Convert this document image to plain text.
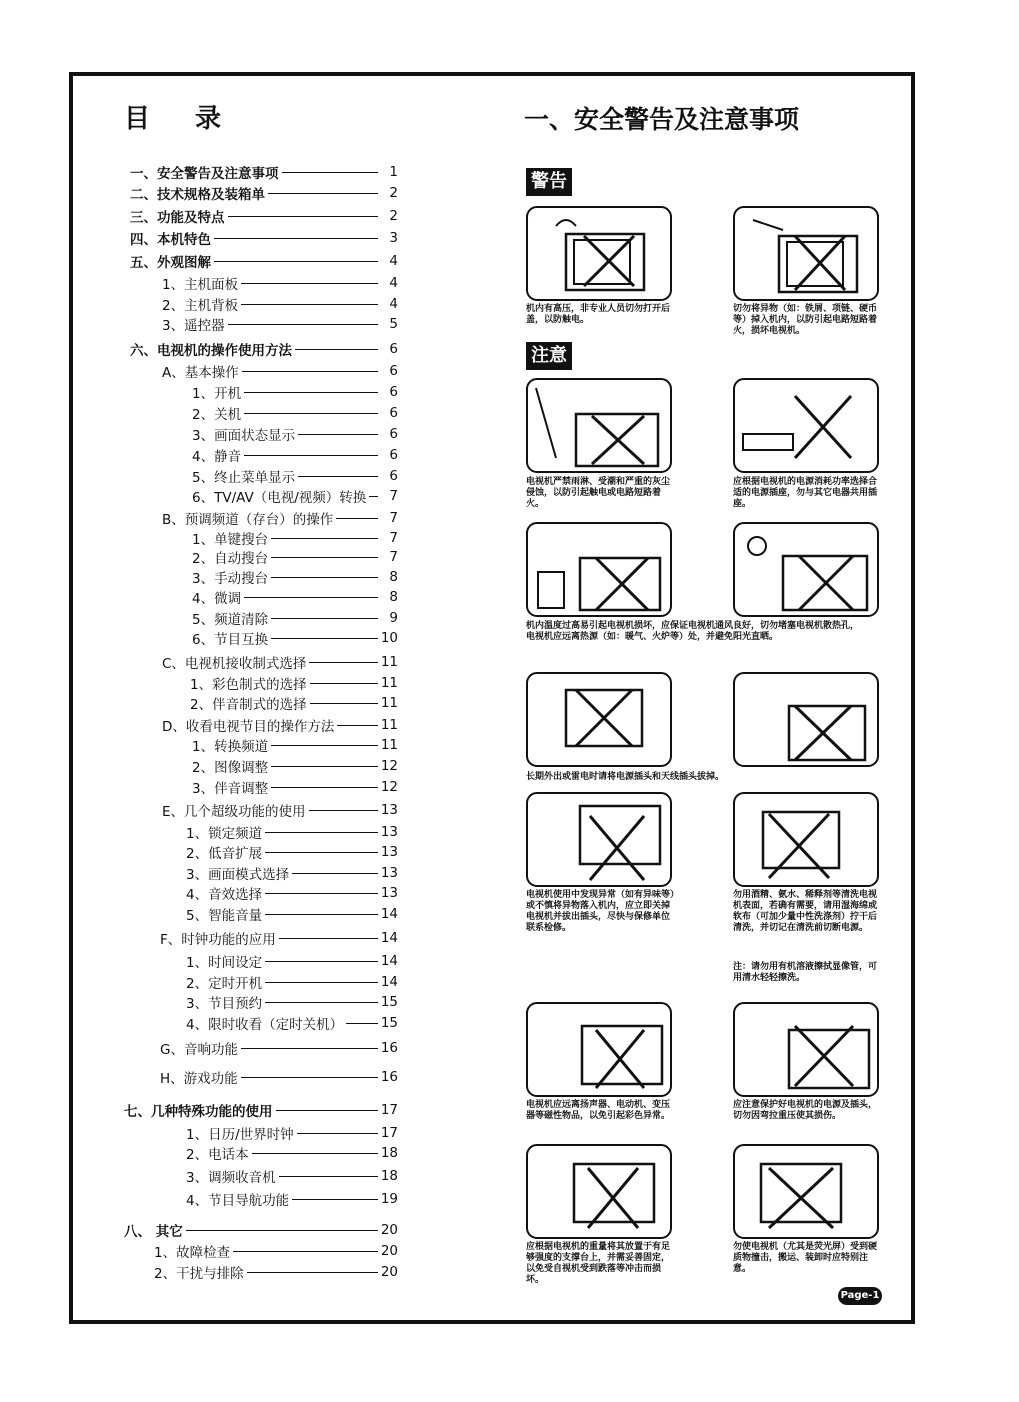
目 录
一、安全警告及注意事项	1
二、技术规格及装箱单	2
三、功能及特点	2
四、本机特色	3
五、外观图解	4
1、主机面板	4
2、主机背板	4
3、遥控器	5
六、电视机的操作使用方法	6
A、基本操作	6
1、开机	6
2、关机	6
3、画面状态显示	6
4、静音	6
5、终止菜单显示	6
6、TV/AV（电视/视频）转换	7
B、预调频道（存台）的操作	7
1、单键搜台	7
2、自动搜台	7
3、手动搜台	8
4、微调	8
5、频道清除	9
6、节目互换	10
C、电视机接收制式选择	11
1、彩色制式的选择	11
2、伴音制式的选择	11
D、收看电视节目的操作方法	11
1、转换频道	11
2、图像调整	12
3、伴音调整	12
E、几个超级功能的使用	13
1、锁定频道	13
2、低音扩展	13
3、画面模式选择	13
4、音效选择	13
5、智能音量	14
F、时钟功能的应用	14
1、时间设定	14
2、定时开机	14
3、节目预约	15
4、限时收看（定时关机）	15
G、音响功能	16
H、游戏功能	16
七、几种特殊功能的使用	17
1、日历/世界时钟	17
2、电话本	18
3、调频收音机	18
4、节目导航功能	19
八、 其它	20
1、故障检查	20
2、干扰与排除	20
一、安全警告及注意事项
警告
注意
机内有高压，非专业人员切勿打开后盖，以防触电。
切勿将异物（如：铁屑、项链、硬币等）掉入机内，以防引起电路短路着火，损坏电视机。
电视机严禁雨淋、受潮和严重的灰尘侵蚀，以防引起触电或电路短路着火。
应根据电视机的电源消耗功率选择合适的电源插座，勿与其它电器共用插座。
机内温度过高易引起电视机损坏，应保证电视机通风良好，切勿堵塞电视机散热孔，电视机应远离热源（如：暖气、火炉等）处，并避免阳光直晒。
长期外出或雷电时请将电源插头和天线插头拔掉。
电视机使用中发现异常（如有异味等）或不慎将异物落入机内，应立即关掉电视机并拔出插头，尽快与保修单位联系检修。
勿用酒精、氨水、稀释剂等清洗电视机表面，若确有需要，请用湿海绵或软布（可加少量中性洗涤剂）拧干后清洗，并切记在清洗前切断电源。
注：请勿用有机溶液擦拭显像管，可用清水轻轻擦洗。
电视机应远离扬声器、电动机、变压器等磁性物品，以免引起彩色异常。
应注意保护好电视机的电源及插头，切勿因弯拉重压使其损伤。
应根据电视机的重量将其放置于有足够强度的支撑台上，并需妥善固定，以免受自视机受到跌落等冲击而损坏。
勿使电视机（尤其是荧光屏）受到硬质物撞击，搬运、装卸时应特别注意。
Page-1
